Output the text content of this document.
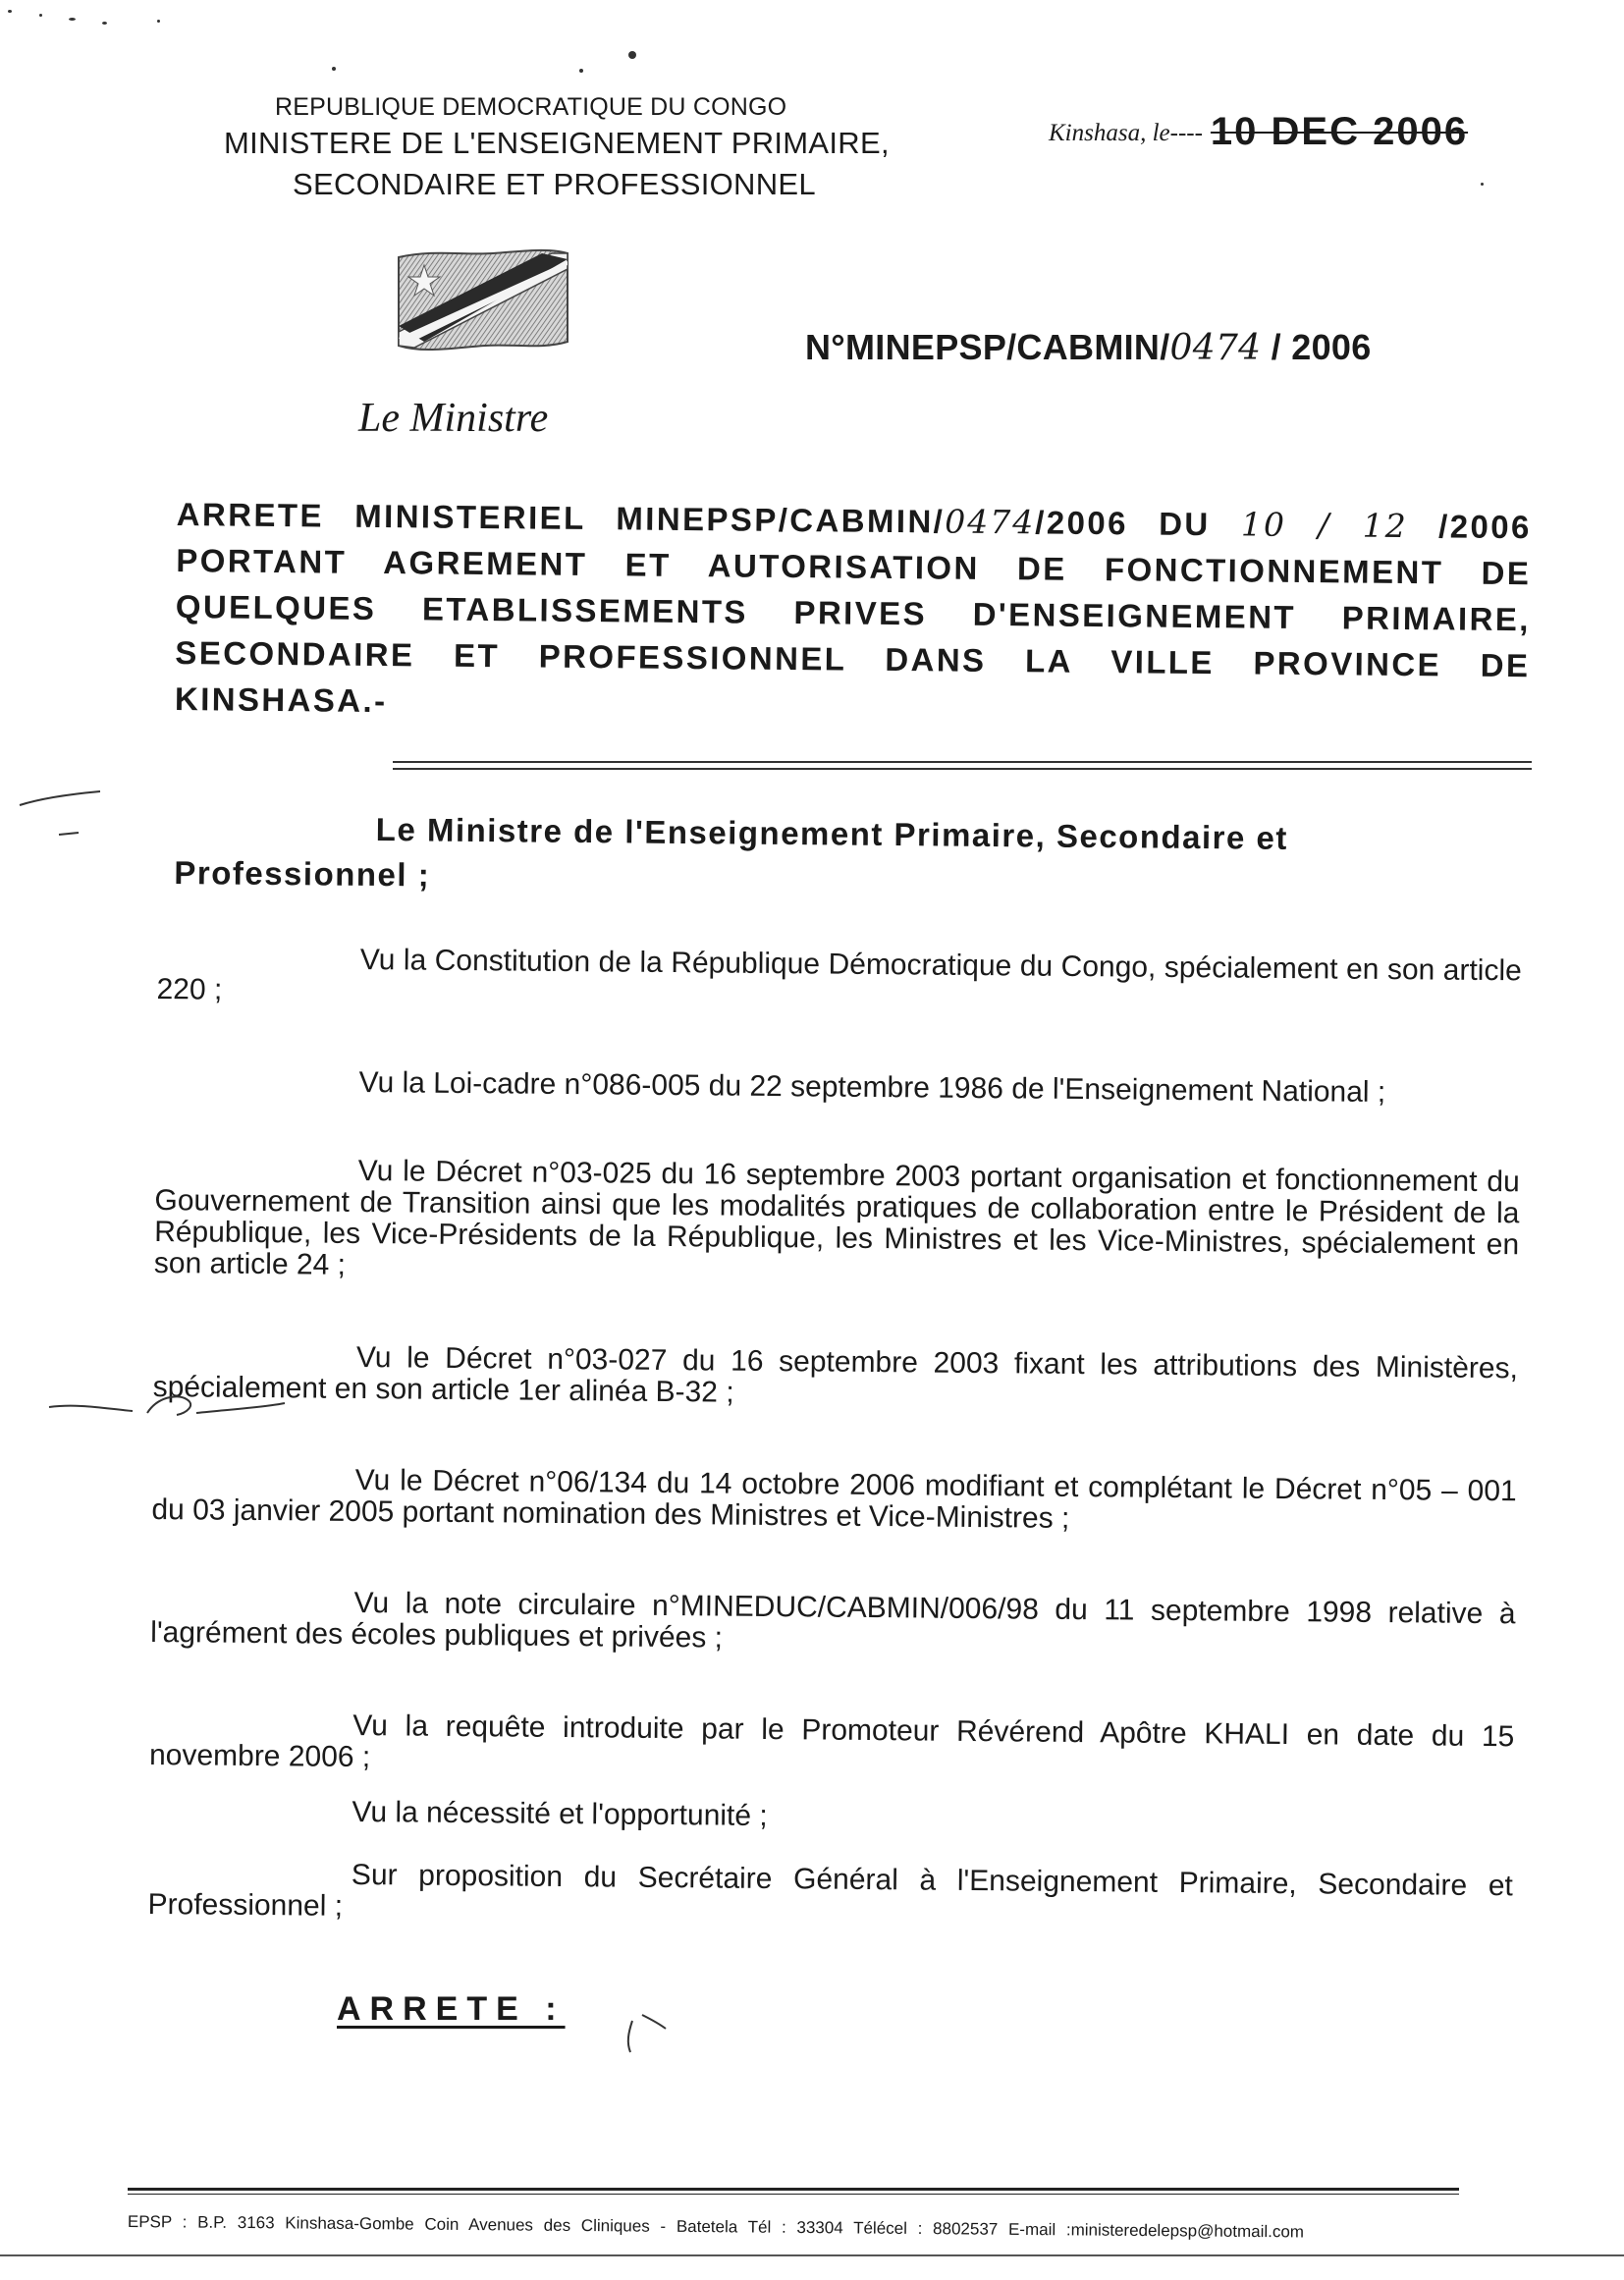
REPUBLIQUE DEMOCRATIQUE DU CONGO
MINISTERE DE L'ENSEIGNEMENT PRIMAIRE,
SECONDAIRE ET PROFESSIONNEL
Kinshasa, le---- 10 DEC 2006
N°MINEPSP/CABMIN/0474 / 2006
Le Ministre
ARRETE MINISTERIEL MINEPSP/CABMIN/0474/2006 DU 10 / 12 /2006 PORTANT AGREMENT ET AUTORISATION DE FONCTIONNEMENT DE QUELQUES ETABLISSEMENTS PRIVES D'ENSEIGNEMENT PRIMAIRE, SECONDAIRE ET PROFESSIONNEL DANS LA VILLE PROVINCE DE KINSHASA.-
Le Ministre de l'Enseignement Primaire, Secondaire et
Professionnel ;
Vu la Constitution de la République Démocratique du Congo, spécialement en son article 220 ;
Vu la Loi-cadre n°086-005 du 22 septembre 1986 de l'Enseignement National ;
Vu le Décret n°03-025 du 16 septembre 2003 portant organisation et fonctionnement du Gouvernement de Transition ainsi que les modalités pratiques de collaboration entre le Président de la République, les Vice-Présidents de la République, les Ministres et les Vice-Ministres, spécialement en son article 24 ;
Vu le Décret n°03-027 du 16 septembre 2003 fixant les attributions des Ministères, spécialement en son article 1er alinéa B-32 ;
Vu le Décret n°06/134 du 14 octobre 2006 modifiant et complétant le Décret n°05 – 001 du 03 janvier 2005 portant nomination des Ministres et Vice-Ministres ;
Vu la note circulaire n°MINEDUC/CABMIN/006/98 du 11 septembre 1998 relative à l'agrément des écoles publiques et privées ;
Vu la requête introduite par le Promoteur Révérend Apôtre KHALI en date du 15 novembre 2006 ;
Vu la nécessité et l'opportunité ;
Sur proposition du Secrétaire Général à l'Enseignement Primaire, Secondaire et Professionnel ;
ARRETE :
EPSP : B.P. 3163 Kinshasa-Gombe Coin Avenues des Cliniques - Batetela Tél : 33304 Télécel : 8802537 E-mail :ministeredelepsp@hotmail.com
